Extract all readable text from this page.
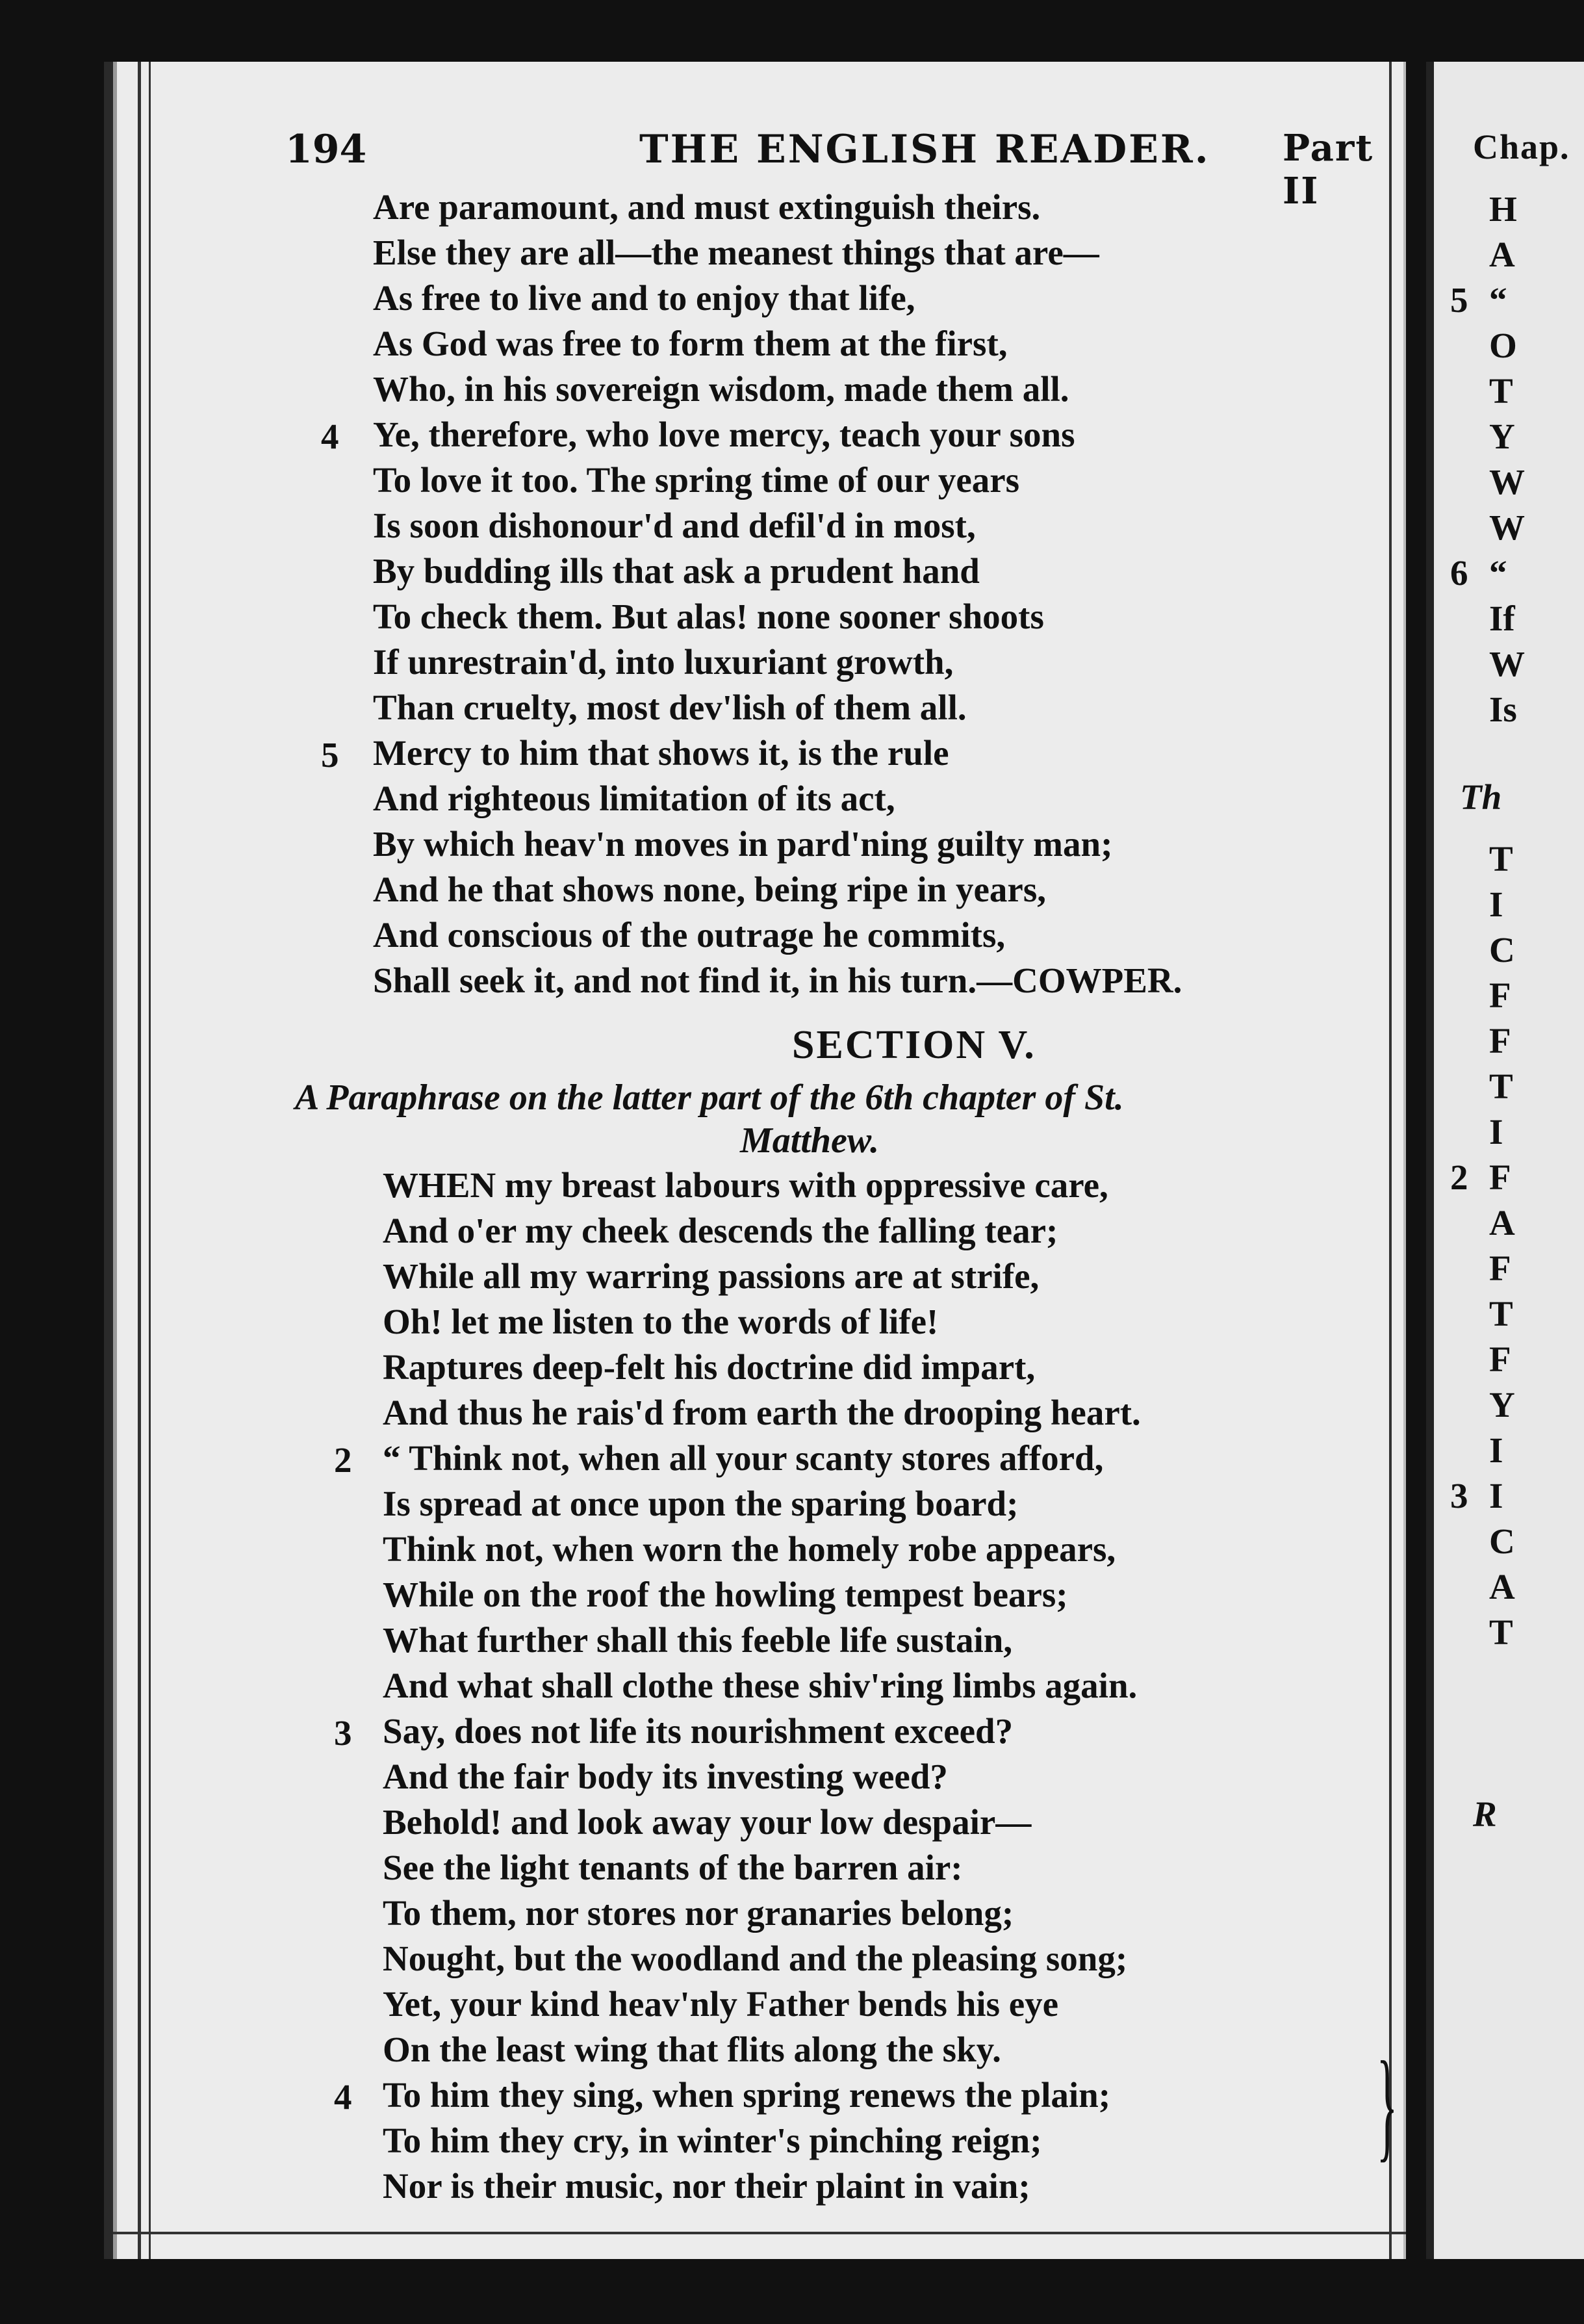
194	THE ENGLISH READER. Part II
Are paramount, and must extinguish theirs.
Else they are all—the meanest things that are—
As free to live and to enjoy that life,
As God was free to form them at the first,
Who, in his sovereign wisdom, made them all.
4 Ye, therefore, who love mercy, teach your sons
To love it too. The spring time of our years
Is soon dishonour'd and defil'd in most,
By budding ills that ask a prudent hand
To check them. But alas! none sooner shoots
If unrestrain'd, into luxuriant growth,
Than cruelty, most dev'lish of them all.
5 Mercy to him that shows it, is the rule
And righteous limitation of its act,
By which heav'n moves in pard'ning guilty man;
And he that shows none, being ripe in years,
And conscious of the outrage he commits,
Shall seek it, and not find it, in his turn.—COWPER.
SECTION V.
A Paraphrase on the latter part of the 6th chapter of St.
Matthew.
WHEN my breast labours with oppressive care,
And o'er my cheek descends the falling tear;
While all my warring passions are at strife,
Oh! let me listen to the words of life!
Raptures deep-felt his doctrine did impart,
And thus he rais'd from earth the drooping heart.
2 “ Think not, when all your scanty stores afford,
Is spread at once upon the sparing board;
Think not, when worn the homely robe appears,
While on the roof the howling tempest bears;
What further shall this feeble life sustain,
And what shall clothe these shiv'ring limbs again.
3 Say, does not life its nourishment exceed?
And the fair body its investing weed?
Behold! and look away your low despair—
See the light tenants of the barren air:
To them, nor stores nor granaries belong;
Nought, but the woodland and the pleasing song;
Yet, your kind heav'nly Father bends his eye
On the least wing that flits along the sky.
4 To him they sing, when spring renews the plain;
To him they cry, in winter's pinching reign;
Nor is their music, nor their plaint in vain;
}
Chap.
H
A
5 “
O
T
Y
W
W
6 “
If
W
Is
Th
T
I
C
F
F
T
I
2 F
A
F
T
F
Y
I
3 I
C
A
T
R
